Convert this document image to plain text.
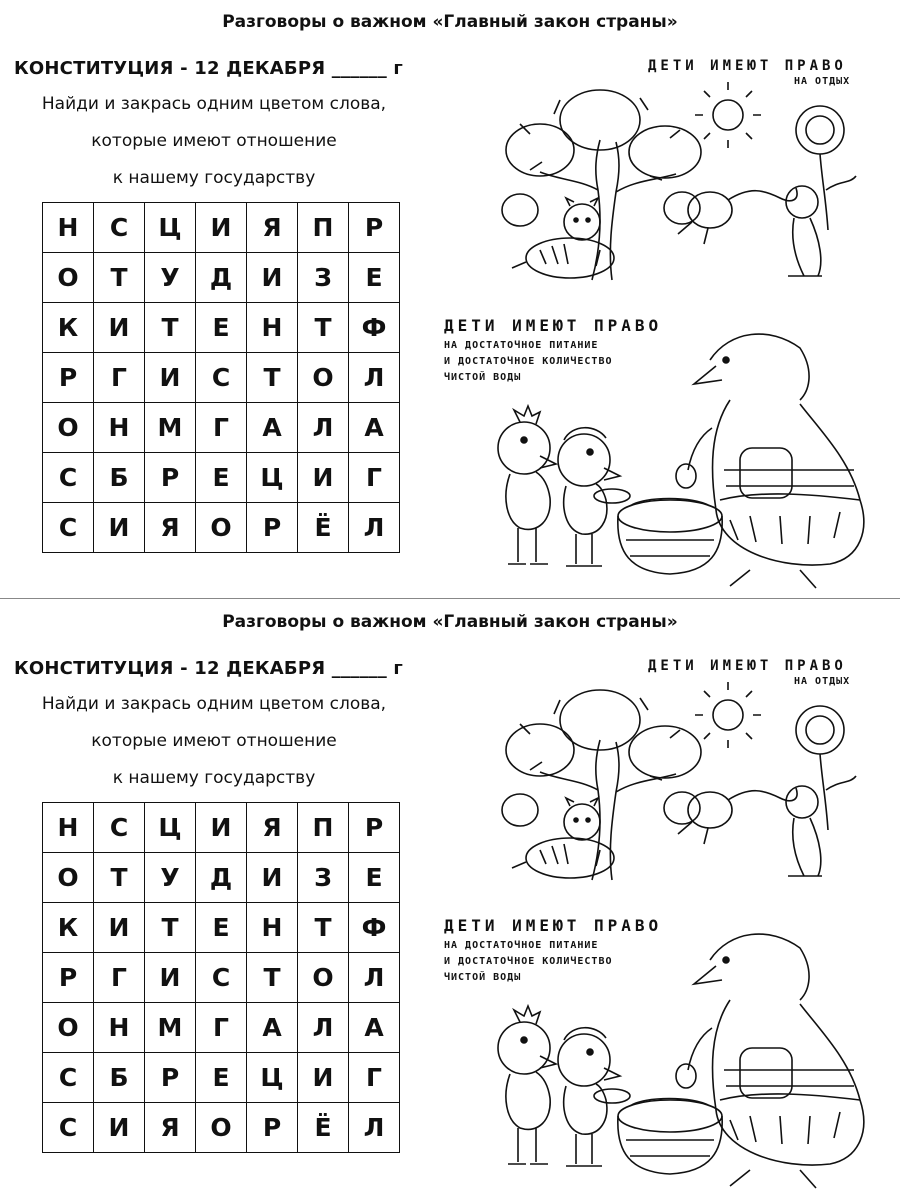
Разговоры о важном «Главный закон страны»
КОНСТИТУЦИЯ - 12 ДЕКАБРЯ ______ г
Найди и закрась одним цветом слова,
которые имеют отношение
к нашему государству
Н	С	Ц	И	Я	П	Р
О	Т	У	Д	И	З	Е
К	И	Т	Е	Н	Т	Ф
Р	Г	И	С	Т	О	Л
О	Н	М	Г	А	Л	А
С	Б	Р	Е	Ц	И	Г
С	И	Я	О	Р	Ё	Л
ДЕТИ ИМЕЮТ ПРАВО
НА ОТДЫХ
ДЕТИ ИМЕЮТ ПРАВО
НА ДОСТАТОЧНОЕ ПИТАНИЕ
И ДОСТАТОЧНОЕ КОЛИЧЕСТВО
ЧИСТОЙ ВОДЫ
Разговоры о важном «Главный закон страны»
КОНСТИТУЦИЯ - 12 ДЕКАБРЯ ______ г
Найди и закрась одним цветом слова,
которые имеют отношение
к нашему государству
Н	С	Ц	И	Я	П	Р
О	Т	У	Д	И	З	Е
К	И	Т	Е	Н	Т	Ф
Р	Г	И	С	Т	О	Л
О	Н	М	Г	А	Л	А
С	Б	Р	Е	Ц	И	Г
С	И	Я	О	Р	Ё	Л
ДЕТИ ИМЕЮТ ПРАВО
НА ОТДЫХ
ДЕТИ ИМЕЮТ ПРАВО
НА ДОСТАТОЧНОЕ ПИТАНИЕ
И ДОСТАТОЧНОЕ КОЛИЧЕСТВО
ЧИСТОЙ ВОДЫ
